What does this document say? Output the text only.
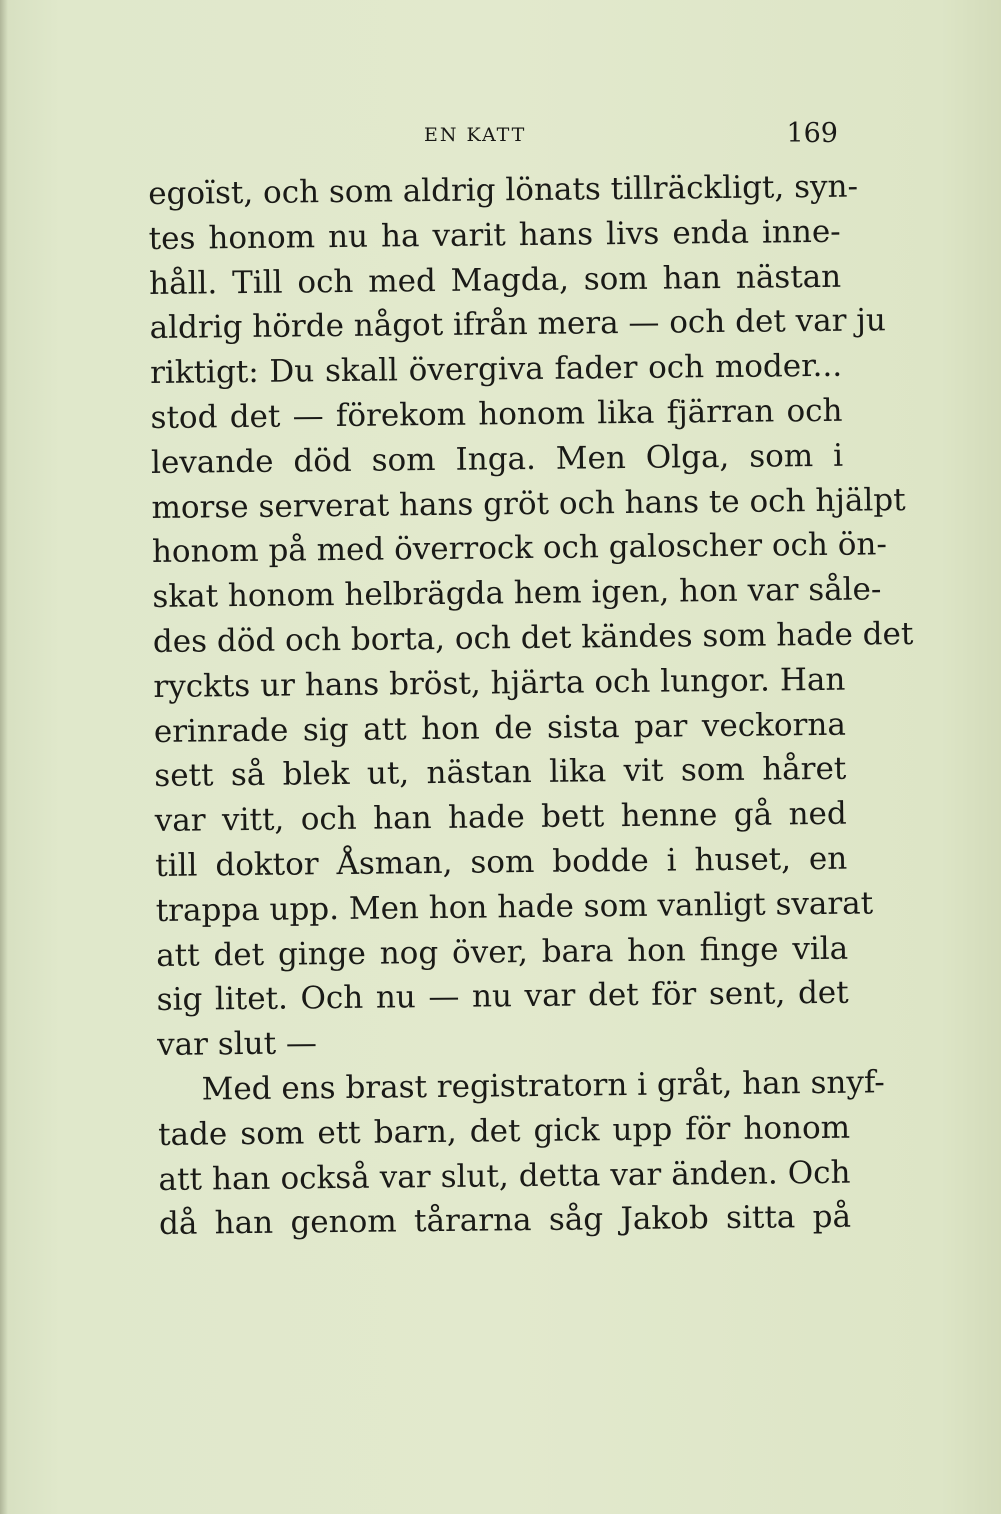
EN KATT	169
egoïst, och som aldrig lönats tillräckligt, syn-
tes honom nu ha varit hans livs enda inne-
håll. Till och med Magda, som han nästan
aldrig hörde något ifrån mera — och det var ju
riktigt: Du skall övergiva fader och moder...
stod det — förekom honom lika fjärran och
levande död som Inga. Men Olga, som i
morse serverat hans gröt och hans te och hjälpt
honom på med överrock och galoscher och ön-
skat honom helbrägda hem igen, hon var såle-
des död och borta, och det kändes som hade det
ryckts ur hans bröst, hjärta och lungor. Han
erinrade sig att hon de sista par veckorna
sett så blek ut, nästan lika vit som håret
var vitt, och han hade bett henne gå ned
till doktor Åsman, som bodde i huset, en
trappa upp. Men hon hade som vanligt svarat
att det ginge nog över, bara hon finge vila
sig litet. Och nu — nu var det för sent, det
var slut —
Med ens brast registratorn i gråt, han snyf-
tade som ett barn, det gick upp för honom
att han också var slut, detta var änden. Och
då han genom tårarna såg Jakob sitta på
